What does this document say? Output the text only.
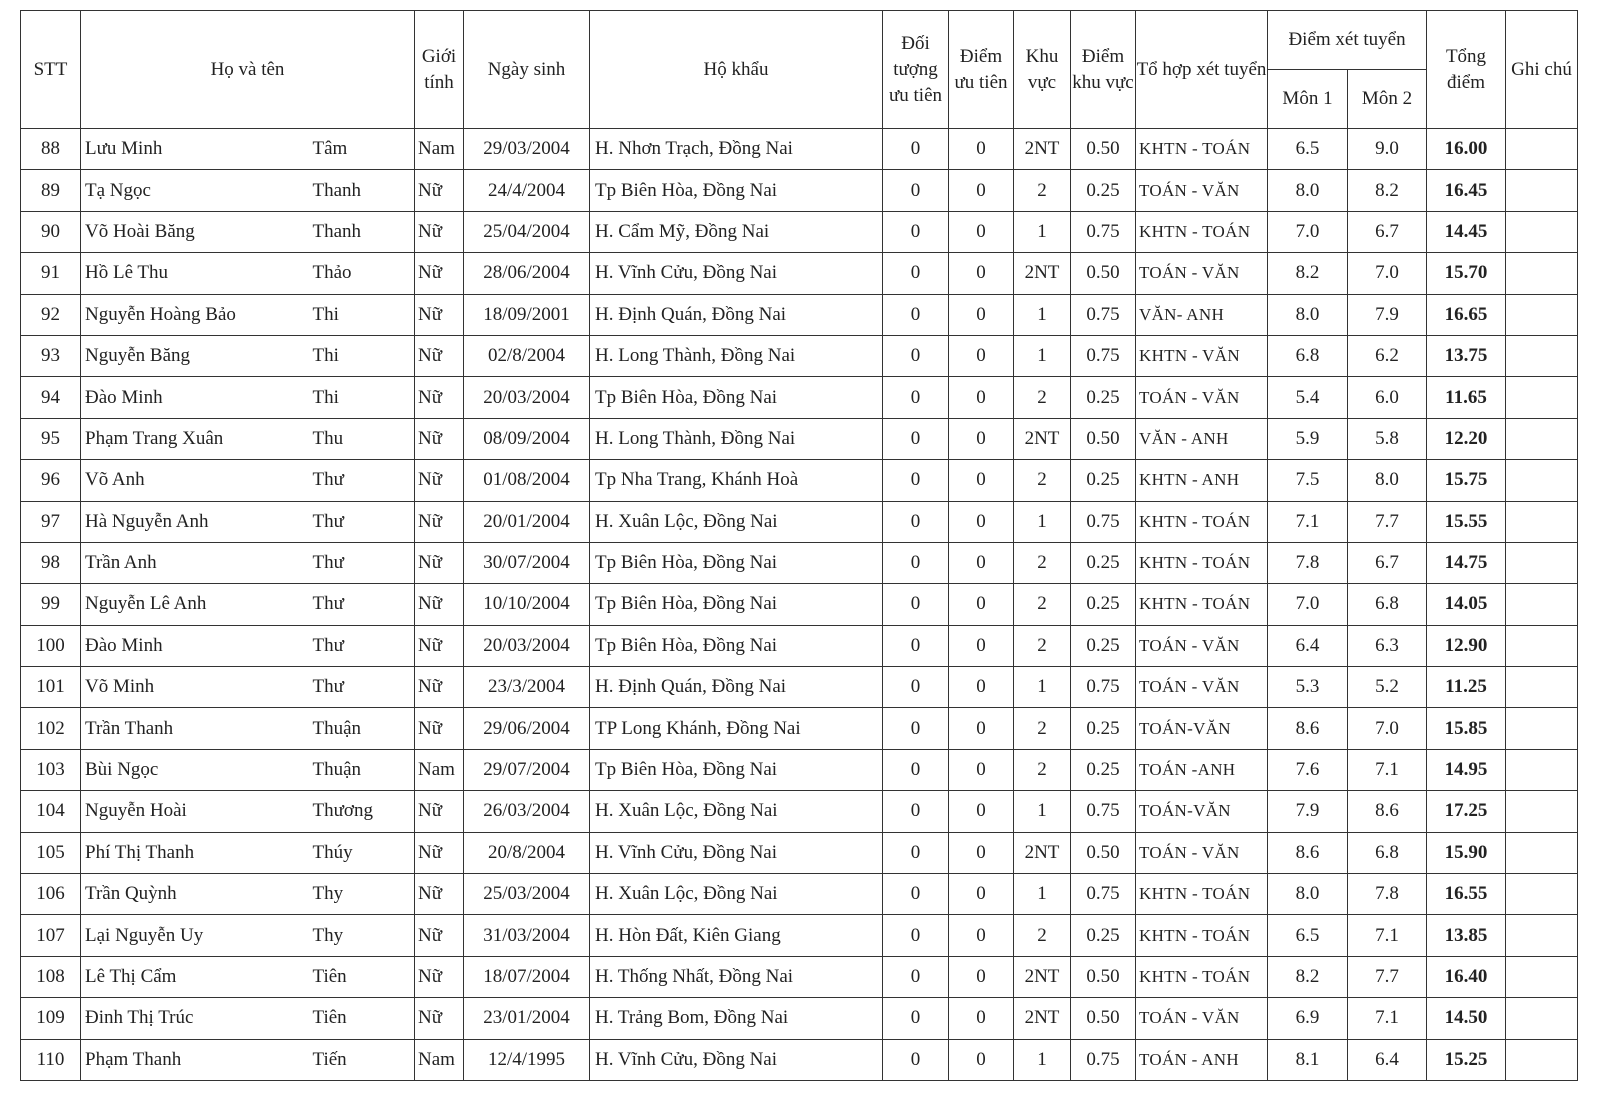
STT	Họ và tên		Giới tính	Ngày sinh	Hộ khẩu	Đối tượng ưu tiên	Điểm ưu tiên	Khu vực	Điểm khu vực	Tổ hợp xét tuyển	Điểm xét tuyển		Tổng điểm	Ghi chú
											Môn 1	Môn 2		
88	Lưu Minh	Tâm	Nam	29/03/2004	H. Nhơn Trạch, Đồng Nai	0	0	2NT	0.50	KHTN - TOÁN	6.5	9.0	16.00	
89	Tạ Ngọc	Thanh	Nữ	24/4/2004	Tp Biên Hòa, Đồng Nai	0	0	2	0.25	TOÁN - VĂN	8.0	8.2	16.45	
90	Võ Hoài Băng	Thanh	Nữ	25/04/2004	H. Cẩm Mỹ, Đồng Nai	0	0	1	0.75	KHTN - TOÁN	7.0	6.7	14.45	
91	Hồ Lê Thu	Thảo	Nữ	28/06/2004	H. Vĩnh Cửu, Đồng Nai	0	0	2NT	0.50	TOÁN - VĂN	8.2	7.0	15.70	
92	Nguyễn Hoàng Bảo	Thi	Nữ	18/09/2001	H. Định Quán, Đồng Nai	0	0	1	0.75	VĂN- ANH	8.0	7.9	16.65	
93	Nguyễn Băng	Thi	Nữ	02/8/2004	H. Long Thành, Đồng Nai	0	0	1	0.75	KHTN - VĂN	6.8	6.2	13.75	
94	Đào Minh	Thi	Nữ	20/03/2004	Tp Biên Hòa, Đồng Nai	0	0	2	0.25	TOÁN - VĂN	5.4	6.0	11.65	
95	Phạm Trang Xuân	Thu	Nữ	08/09/2004	H. Long Thành, Đồng Nai	0	0	2NT	0.50	VĂN - ANH	5.9	5.8	12.20	
96	Võ Anh	Thư	Nữ	01/08/2004	Tp Nha Trang, Khánh Hoà	0	0	2	0.25	KHTN - ANH	7.5	8.0	15.75	
97	Hà Nguyễn Anh	Thư	Nữ	20/01/2004	H. Xuân Lộc, Đồng Nai	0	0	1	0.75	KHTN - TOÁN	7.1	7.7	15.55	
98	Trần Anh	Thư	Nữ	30/07/2004	Tp Biên Hòa, Đồng Nai	0	0	2	0.25	KHTN - TOÁN	7.8	6.7	14.75	
99	Nguyễn Lê Anh	Thư	Nữ	10/10/2004	Tp Biên Hòa, Đồng Nai	0	0	2	0.25	KHTN - TOÁN	7.0	6.8	14.05	
100	Đào Minh	Thư	Nữ	20/03/2004	Tp Biên Hòa, Đồng Nai	0	0	2	0.25	TOÁN - VĂN	6.4	6.3	12.90	
101	Võ Minh	Thư	Nữ	23/3/2004	H. Định Quán, Đồng Nai	0	0	1	0.75	TOÁN - VĂN	5.3	5.2	11.25	
102	Trần Thanh	Thuận	Nữ	29/06/2004	TP Long Khánh, Đồng Nai	0	0	2	0.25	TOÁN-VĂN	8.6	7.0	15.85	
103	Bùi Ngọc	Thuận	Nam	29/07/2004	Tp Biên Hòa, Đồng Nai	0	0	2	0.25	TOÁN -ANH	7.6	7.1	14.95	
104	Nguyễn Hoài	Thương	Nữ	26/03/2004	H. Xuân Lộc, Đồng Nai	0	0	1	0.75	TOÁN-VĂN	7.9	8.6	17.25	
105	Phí Thị Thanh	Thúy	Nữ	20/8/2004	H. Vĩnh Cửu, Đồng Nai	0	0	2NT	0.50	TOÁN - VĂN	8.6	6.8	15.90	
106	Trần Quỳnh	Thy	Nữ	25/03/2004	H. Xuân Lộc, Đồng Nai	0	0	1	0.75	KHTN - TOÁN	8.0	7.8	16.55	
107	Lại Nguyễn Uy	Thy	Nữ	31/03/2004	H. Hòn Đất, Kiên Giang	0	0	2	0.25	KHTN - TOÁN	6.5	7.1	13.85	
108	Lê Thị Cẩm	Tiên	Nữ	18/07/2004	H. Thống Nhất, Đồng Nai	0	0	2NT	0.50	KHTN - TOÁN	8.2	7.7	16.40	
109	Đinh Thị Trúc	Tiên	Nữ	23/01/2004	H. Trảng Bom, Đồng Nai	0	0	2NT	0.50	TOÁN - VĂN	6.9	7.1	14.50	
110	Phạm Thanh	Tiến	Nam	12/4/1995	H. Vĩnh Cửu, Đồng Nai	0	0	1	0.75	TOÁN - ANH	8.1	6.4	15.25	
